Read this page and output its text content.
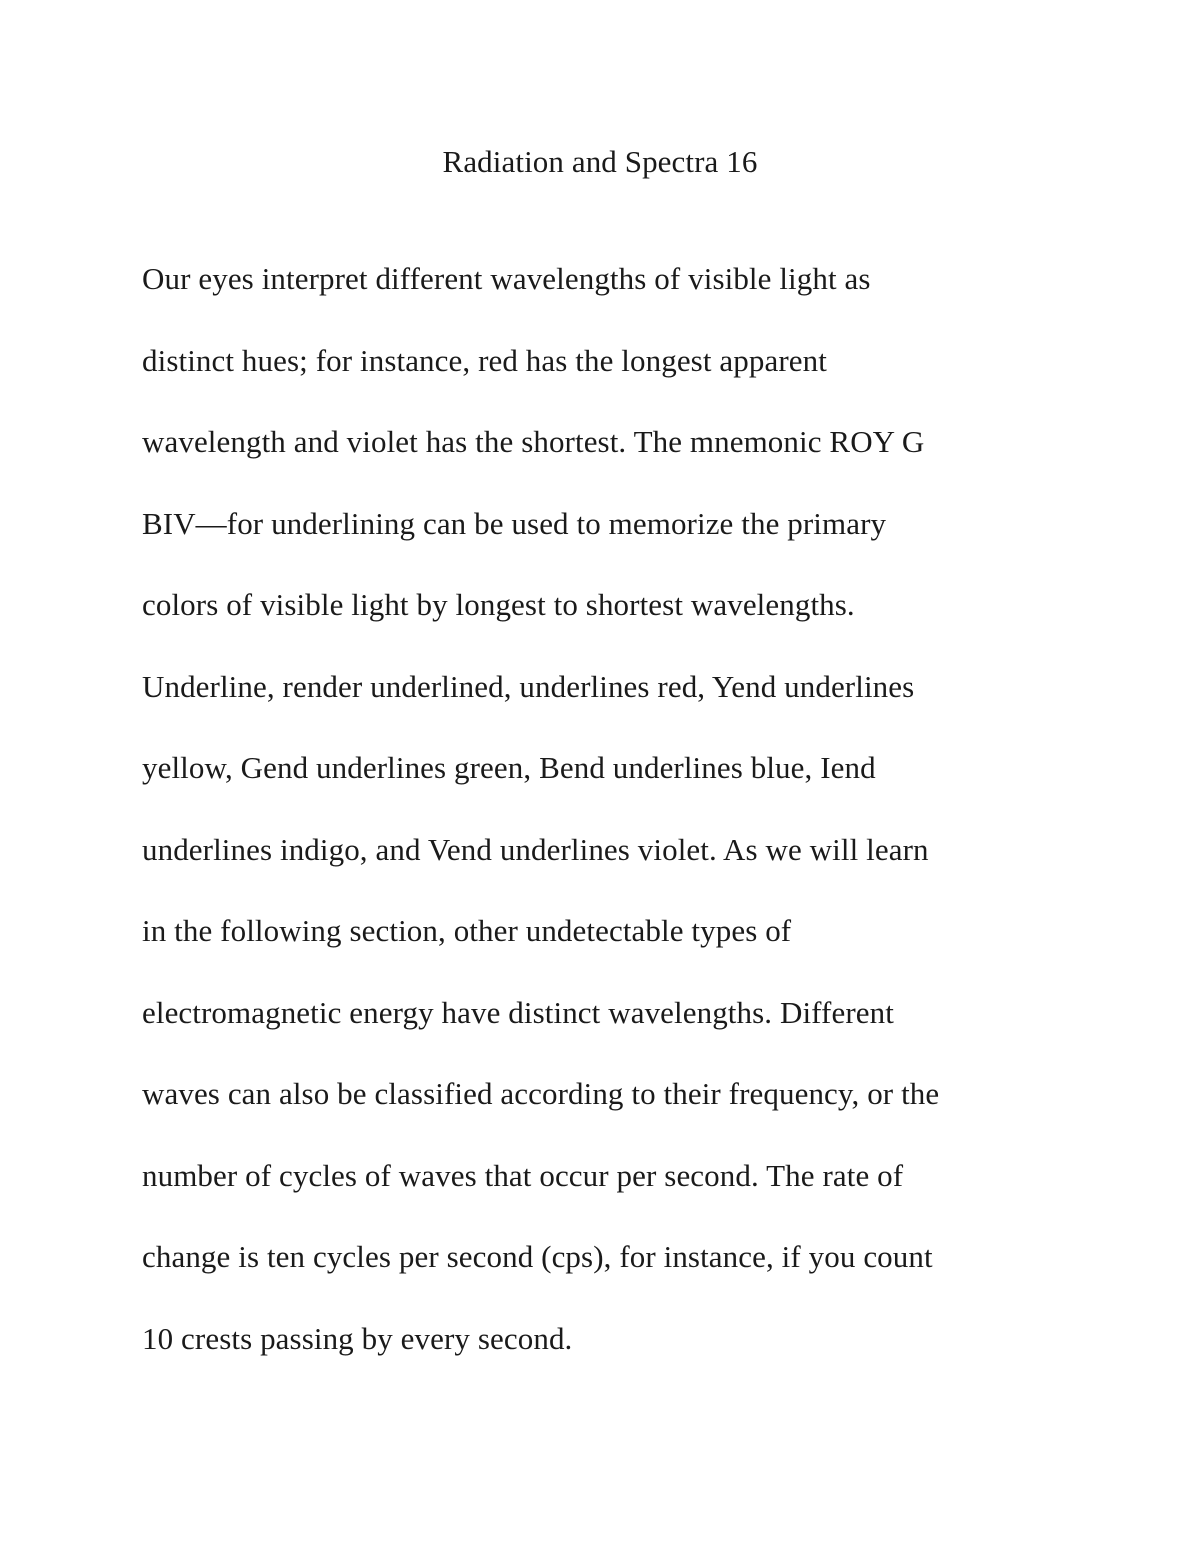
Radiation and Spectra 16
Our eyes interpret different wavelengths of visible light as
distinct hues; for instance, red has the longest apparent
wavelength and violet has the shortest. The mnemonic ROY G
BIV—for underlining can be used to memorize the primary
colors of visible light by longest to shortest wavelengths.
Underline, render underlined, underlines red, Yend underlines
yellow, Gend underlines green, Bend underlines blue, Iend
underlines indigo, and Vend underlines violet. As we will learn
in the following section, other undetectable types of
electromagnetic energy have distinct wavelengths. Different
waves can also be classified according to their frequency, or the
number of cycles of waves that occur per second. The rate of
change is ten cycles per second (cps), for instance, if you count
10 crests passing by every second.
